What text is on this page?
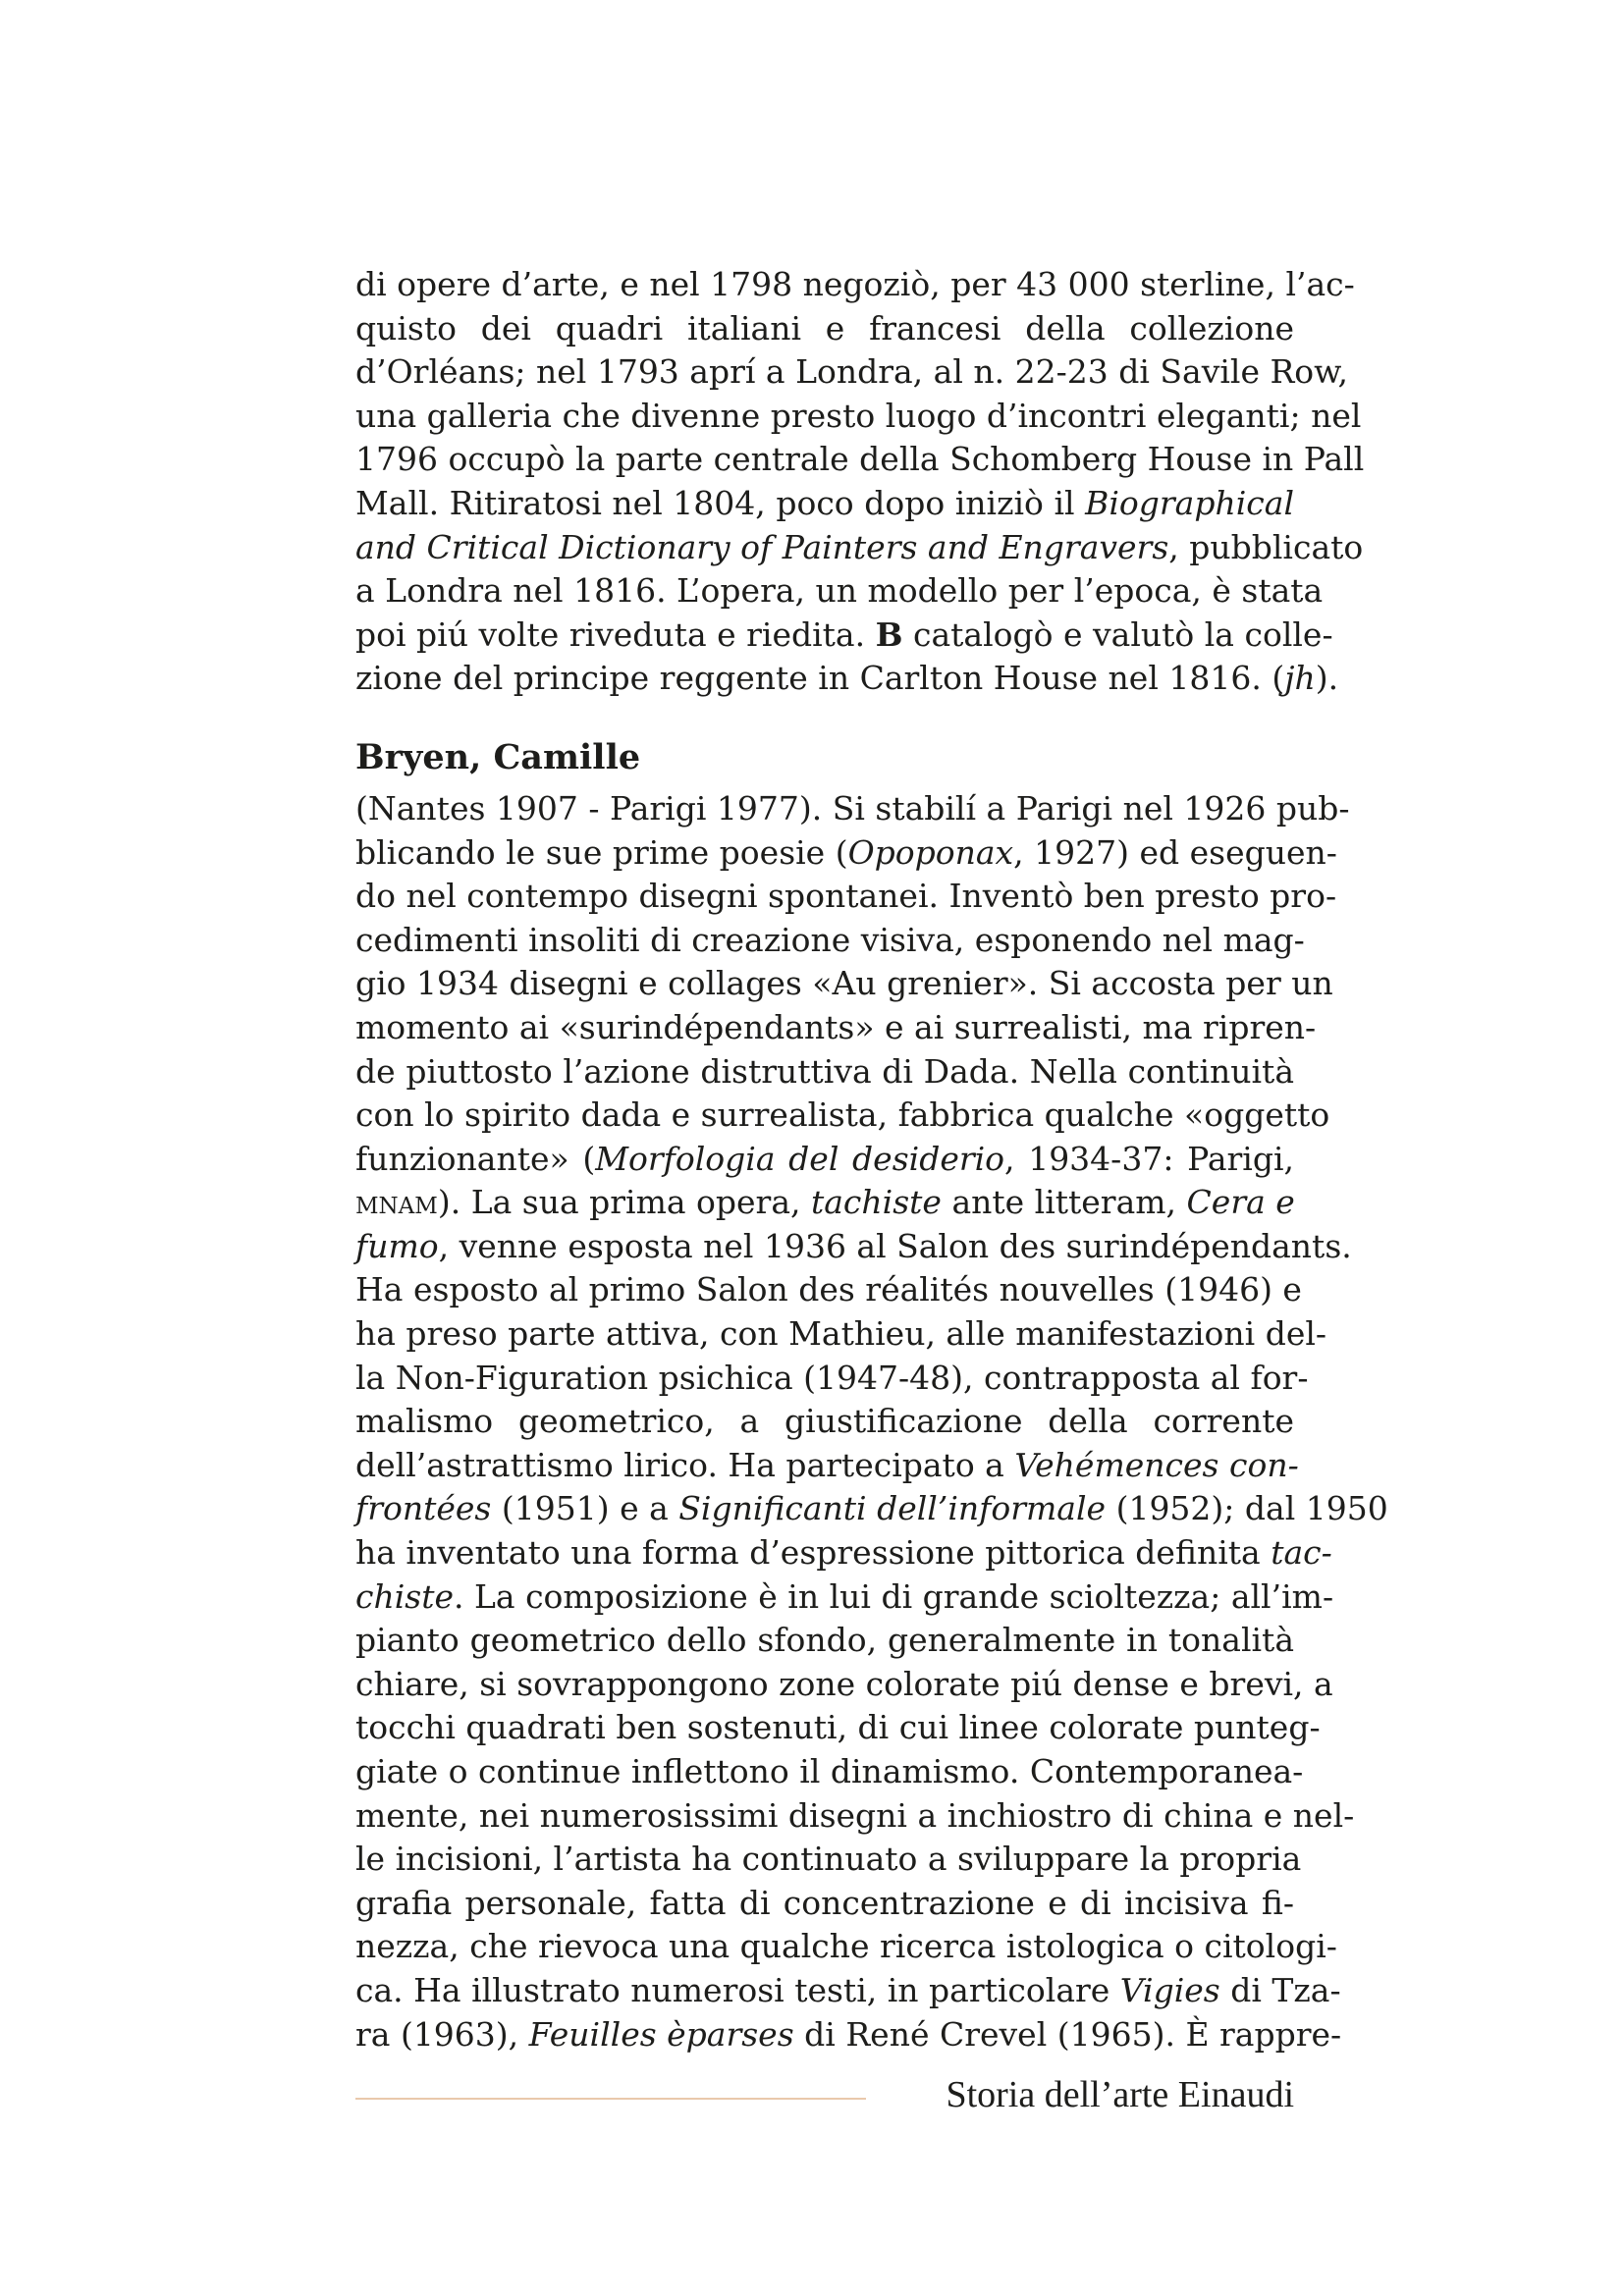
di opere d’arte, e nel 1798 negoziò, per 43 000 sterline, l’ac-
quisto dei quadri italiani e francesi della collezione
d’Orléans; nel 1793 aprí a Londra, al n. 22-23 di Savile Row,
una galleria che divenne presto luogo d’incontri eleganti; nel
1796 occupò la parte centrale della Schomberg House in Pall
Mall. Ritiratosi nel 1804, poco dopo iniziò il Biographical
and Critical Dictionary of Painters and Engravers, pubblicato
a Londra nel 1816. L’opera, un modello per l’epoca, è stata
poi piú volte riveduta e riedita. B catalogò e valutò la colle-
zione del principe reggente in Carlton House nel 1816. (jh).
Bryen, Camille
(Nantes 1907 - Parigi 1977). Si stabilí a Parigi nel 1926 pub-
blicando le sue prime poesie (Opoponax, 1927) ed eseguen-
do nel contempo disegni spontanei. Inventò ben presto pro-
cedimenti insoliti di creazione visiva, esponendo nel mag-
gio 1934 disegni e collages «Au grenier». Si accosta per un
momento ai «surindépendants» e ai surrealisti, ma ripren-
de piuttosto l’azione distruttiva di Dada. Nella continuità
con lo spirito dada e surrealista, fabbrica qualche «oggetto
funzionante» (Morfologia del desiderio, 1934-37: Parigi,
mnam). La sua prima opera, tachiste ante litteram, Cera e
fumo, venne esposta nel 1936 al Salon des surindépendants.
Ha esposto al primo Salon des réalités nouvelles (1946) e
ha preso parte attiva, con Mathieu, alle manifestazioni del-
la Non-Figuration psichica (1947-48), contrapposta al for-
malismo geometrico, a giustificazione della corrente
dell’astrattismo lirico. Ha partecipato a Vehémences con-
frontées (1951) e a Significanti dell’informale (1952); dal 1950
ha inventato una forma d’espressione pittorica definita tac-
chiste. La composizione è in lui di grande scioltezza; all’im-
pianto geometrico dello sfondo, generalmente in tonalità
chiare, si sovrappongono zone colorate piú dense e brevi, a
tocchi quadrati ben sostenuti, di cui linee colorate punteg-
giate o continue inflettono il dinamismo. Contemporanea-
mente, nei numerosissimi disegni a inchiostro di china e nel-
le incisioni, l’artista ha continuato a sviluppare la propria
grafia personale, fatta di concentrazione e di incisiva fi-
nezza, che rievoca una qualche ricerca istologica o citologi-
ca. Ha illustrato numerosi testi, in particolare Vigies di Tza-
ra (1963), Feuilles èparses di René Crevel (1965). È rappre-
Storia dell’arte Einaudi
